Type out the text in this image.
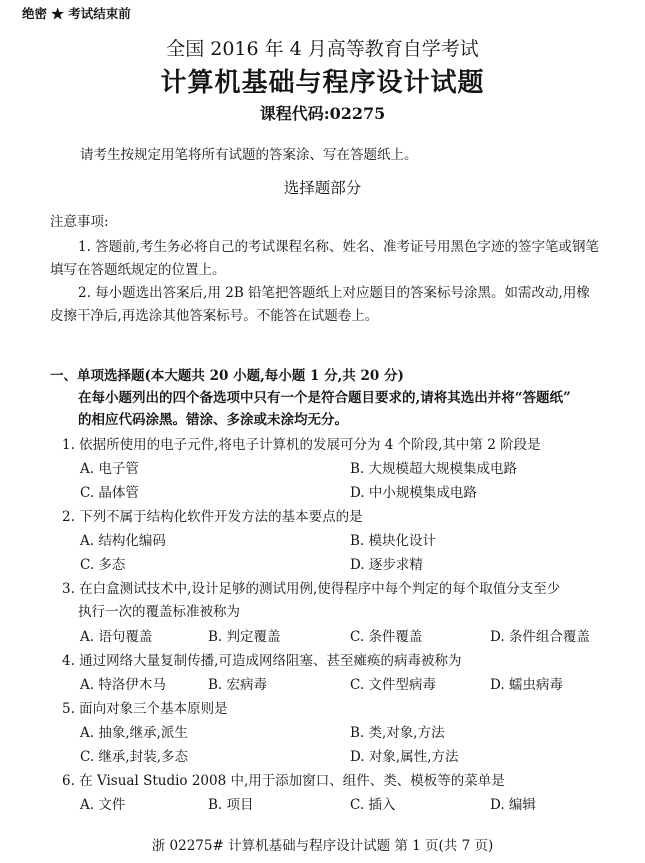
绝密 ★ 考试结束前
全国 2016 年 4 月高等教育自学考试
计算机基础与程序设计试题
课程代码:02275
请考生按规定用笔将所有试题的答案涂、写在答题纸上。
选择题部分
注意事项:
1. 答题前,考生务必将自己的考试课程名称、姓名、准考证号用黑色字迹的签字笔或钢笔
填写在答题纸规定的位置上。
2. 每小题选出答案后,用 2B 铅笔把答题纸上对应题目的答案标号涂黑。如需改动,用橡
皮擦干净后,再选涂其他答案标号。不能答在试题卷上。
一、单项选择题(本大题共 20 小题,每小题 1 分,共 20 分)
在每小题列出的四个备选项中只有一个是符合题目要求的,请将其选出并将“答题纸”
的相应代码涂黑。错涂、多涂或未涂均无分。
1. 依据所使用的电子元件,将电子计算机的发展可分为 4 个阶段,其中第 2 阶段是
A. 电子管	B. 大规模超大规模集成电路
C. 晶体管	D. 中小规模集成电路
2. 下列不属于结构化软件开发方法的基本要点的是
A. 结构化编码	B. 模块化设计
C. 多态	D. 逐步求精
3. 在白盒测试技术中,设计足够的测试用例,使得程序中每个判定的每个取值分支至少
执行一次的覆盖标准被称为
A. 语句覆盖	B. 判定覆盖	C. 条件覆盖	D. 条件组合覆盖
4. 通过网络大量复制传播,可造成网络阻塞、甚至瘫痪的病毒被称为
A. 特洛伊木马	B. 宏病毒	C. 文件型病毒	D. 蠕虫病毒
5. 面向对象三个基本原则是
A. 抽象,继承,派生	B. 类,对象,方法
C. 继承,封装,多态	D. 对象,属性,方法
6. 在 Visual Studio 2008 中,用于添加窗口、组件、类、模板等的菜单是
A. 文件	B. 项目	C. 插入	D. 编辑
浙 02275# 计算机基础与程序设计试题 第 1 页(共 7 页)
